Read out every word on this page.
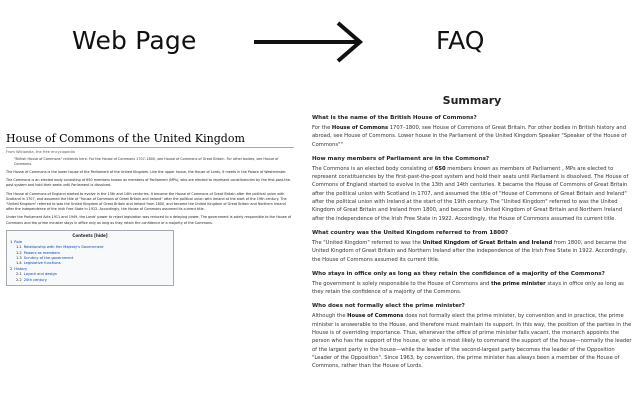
Web Page	FAQ
House of Commons of the United Kingdom
From Wikipedia, the free encyclopedia
"British House of Commons" redirects here. For the House of Commons 1707–1800, see House of Commons of Great Britain. For other bodies, see House of Commons.
The House of Commons is the lower house of the Parliament of the United Kingdom. Like the upper house, the House of Lords, it meets in the Palace of Westminster.
The Commons is an elected body consisting of 650 members known as members of Parliament (MPs), who are elected to represent constituencies by the first-past-the-post system and hold their seats until Parliament is dissolved.
The House of Commons of England started to evolve in the 13th and 14th centuries. It became the House of Commons of Great Britain after the political union with Scotland in 1707, and assumed the title of "House of Commons of Great Britain and Ireland" after the political union with Ireland at the start of the 19th century. The "United Kingdom" referred to was the United Kingdom of Great Britain and Ireland from 1800, and became the United Kingdom of Great Britain and Northern Ireland after the independence of the Irish Free State in 1922. Accordingly, the House of Commons assumed its current title.
Under the Parliament Acts 1911 and 1949, the Lords' power to reject legislation was reduced to a delaying power. The government is solely responsible to the House of Commons and the prime minister stays in office only as long as they retain the confidence of a majority of the Commons.
Contents [hide]
1 Role
1.1 Relationship with Her Majesty's Government
1.2 Powers as members
1.3 Scrutiny of the government
1.4 Legislative functions
2 History
2.1 Layout and design
2.2 20th century
Summary
What is the name of the British House of Commons?
For the House of Commons 1707–1800, see House of Commons of Great Britain. For other bodies in British history and abroad, see House of Commons. Lower house in the Parliament of the United Kingdom Speaker "Speaker of the House of Commons""
How many members of Parliament are in the Commons?
The Commons is an elected body consisting of 650 members known as members of Parliament , MPs are elected to represent constituencies by the first-past-the-post system and hold their seats until Parliament is dissolved. The House of Commons of England started to evolve in the 13th and 14th centuries. It became the House of Commons of Great Britain after the political union with Scotland in 1707, and assumed the title of "House of Commons of Great Britain and Ireland" after the political union with Ireland at the start of the 19th century. The "United Kingdom" referred to was the United Kingdom of Great Britain and Ireland from 1800, and became the United Kingdom of Great Britain and Northern Ireland after the independence of the Irish Free State in 1922. Accordingly, the House of Commons assumed its current title.
What country was the United Kingdom referred to from 1800?
The "United Kingdom" referred to was the United Kingdom of Great Britain and Ireland from 1800, and became the United Kingdom of Great Britain and Northern Ireland after the independence of the Irish Free State in 1922. Accordingly, the House of Commons assumed its current title.
Who stays in office only as long as they retain the confidence of a majority of the Commons?
The government is solely responsible to the House of Commons and the prime minister stays in office only as long as they retain the confidence of a majority of the Commons.
Who does not formally elect the prime minister?
Although the House of Commons does not formally elect the prime minister, by convention and in practice, the prime minister is answerable to the House, and therefore must maintain its support. In this way, the position of the parties in the House is of overriding importance. Thus, whenever the office of prime minister falls vacant, the monarch appoints the person who has the support of the house, or who is most likely to command the support of the house—normally the leader of the largest party in the house—while the leader of the second-largest party becomes the leader of the Opposition "Leader of the Opposition". Since 1963, by convention, the prime minister has always been a member of the House of Commons, rather than the House of Lords.
